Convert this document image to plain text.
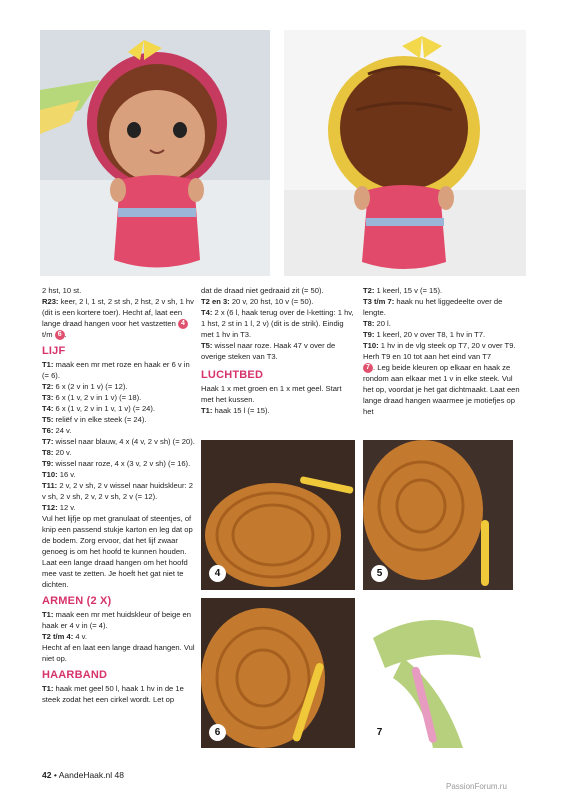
2 hst, 10 st.

R23: keer, 2 l, 1 st, 2 st sh, 2 hst, 2 v sh, 1 hv (dit is een kortere toer). Hecht af, laat een lange draad hangen voor het vastzetten 4 t/m 6 .

LIJF

T1: maak een mr met roze en haak er 6 v in (= 6).

T2: 6 x (2 v in 1 v) (= 12).

T3: 6 x (1 v, 2 v in 1 v) (= 18).

T4: 6 x (1 v, 2 v in 1 v, 1 v) (= 24).

T5: reliëf v in elke steek (= 24).

T6: 24 v.

T7: wissel naar blauw, 4 x (4 v, 2 v sh) (= 20).

T8: 20 v.

T9: wissel naar roze, 4 x (3 v, 2 v sh) (= 16).

T10: 16 v.

T11: 2 v, 2 v sh, 2 v wissel naar huidskleur: 2 v sh, 2 v sh, 2 v, 2 v sh, 2 v (= 12).

T12: 12 v.

Vul het lijfje op met granulaat of steentjes, of knip een passend stukje karton en leg dat op de bodem. Zorg ervoor, dat het lijf zwaar genoeg is om het hoofd te kunnen houden. Laat een lange draad hangen om het hoofd mee vast te zetten. Je hoeft het gat niet te dichten.

ARMEN (2 X)

T1: maak een mr met huidskleur of beige en haak er 4 v in (= 4).

T2 t/m 4: 4 v.

Hecht af en laat een lange draad hangen. Vul niet op.

HAARBAND

T1: haak met geel 50 l, haak 1 hv in de 1e steek zodat het een cirkel wordt. Let op

dat de draad niet gedraaid zit (= 50).

T2 en 3: 20 v, 20 hst, 10 v (= 50).

T4: 2 x (6 l, haak terug over de l-ketting: 1 hv, 1 hst, 2 st in 1 l, 2 v) (dit is de strik). Eindig met 1 hv in T3.

T5: wissel naar roze. Haak 47 v over de overige steken van T3.

LUCHTBED

Haak 1 x met groen en 1 x met geel. Start met het kussen.

T1: haak 15 l (= 15).

T2: 1 keerl, 15 v (= 15).

T3 t/m 7: haak nu het liggedeelte over de lengte.

T8: 20 l.

T9: 1 keerl, 20 v over T8, 1 hv in T7.

T10: 1 hv in de vlg steek op T7, 20 v over T9. Herh T9 en 10 tot aan het eind van T7

7 . Leg beide kleuren op elkaar en haak ze rondom aan elkaar met 1 v in elke steek. Vul het op, voordat je het gat dichtmaakt. Laat een lange draad hangen waarmee je motiefjes op het

4	5
6	7
42 • AandeHaak.nl 48
PassionForum.ru
